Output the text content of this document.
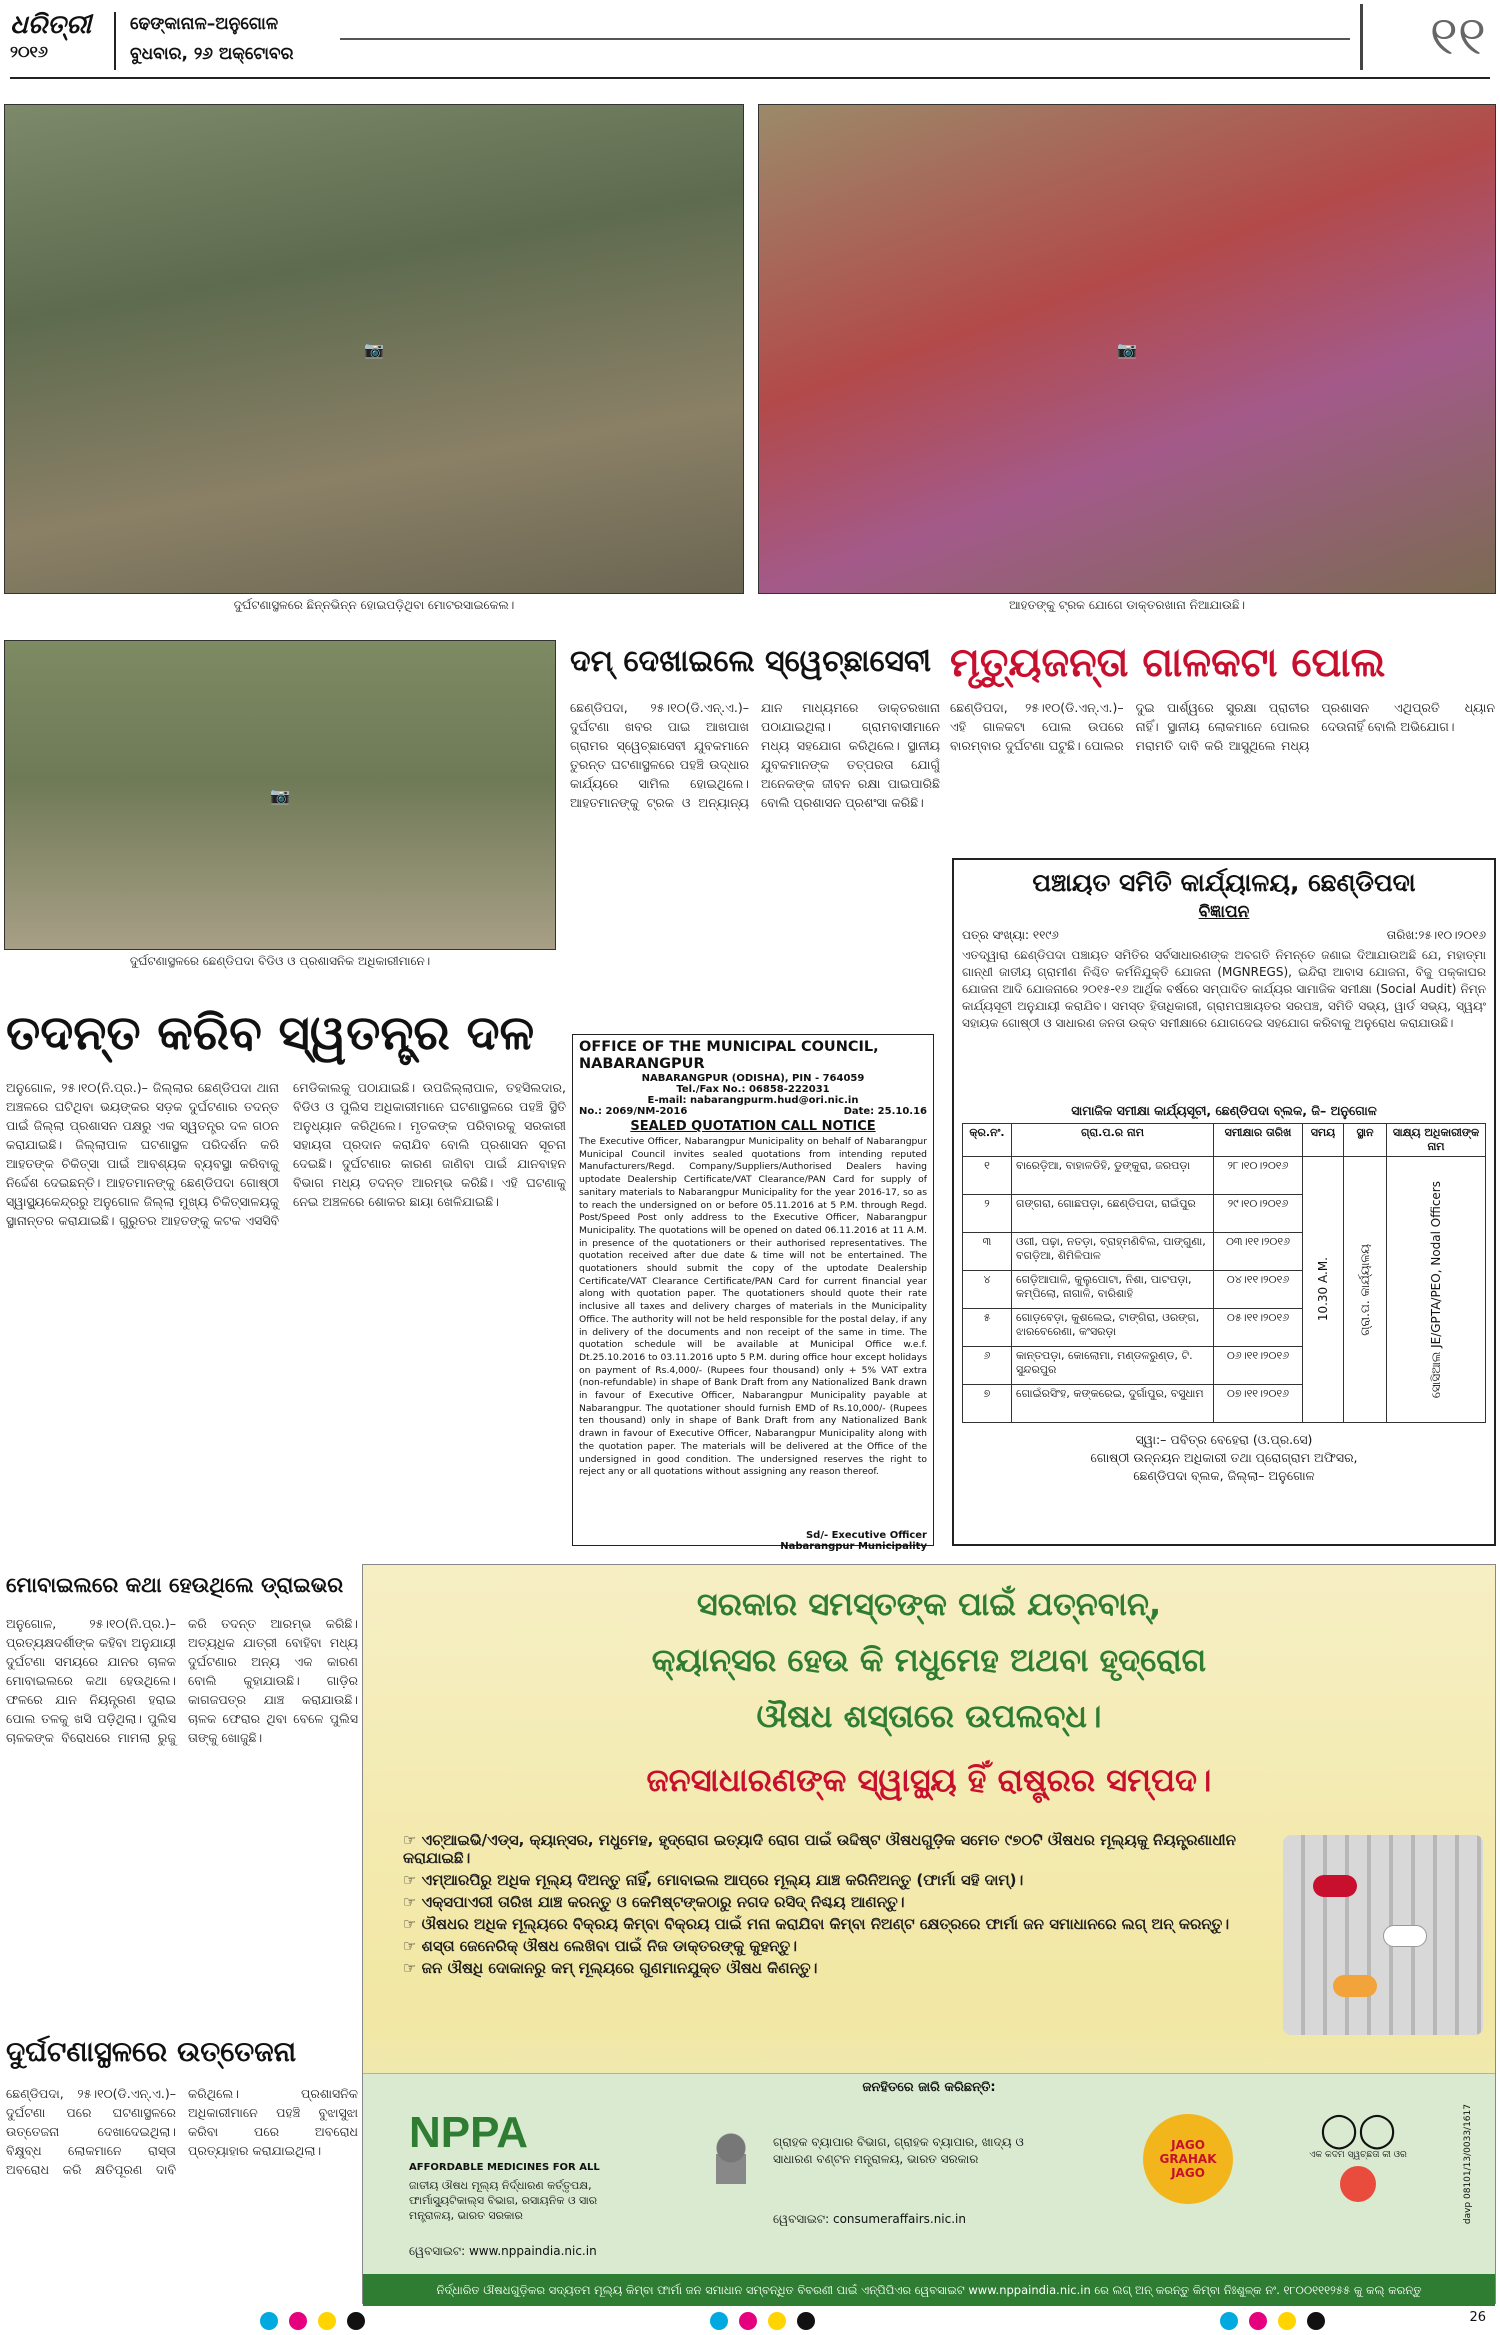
ଧରିତ୍ରୀ
୨୦୧୬
ଢେଙ୍କାନାଳ–ଅନୁଗୋଳ
ବୁଧବାର, ୨୬ ଅକ୍ଟୋବର	୧୧
📷
ଦୁର୍ଘଟଣାସ୍ଥଳରେ ଛିନ୍ନଭିନ୍ନ ହୋଇପଡ଼ିଥିବା ମୋଟରସାଇକେଲ।
📷
ଆହତଙ୍କୁ ଟ୍ରକ ଯୋଗେ ଡାକ୍ତରଖାନା ନିଆଯାଉଛି।
📷
ଦୁର୍ଘଟଣାସ୍ଥଳରେ ଛେଣ୍ଡିପଦା ବିଡିଓ ଓ ପ୍ରଶାସନିକ ଅଧିକାରୀମାନେ।
ଦମ୍ ଦେଖାଇଲେ ସ୍ୱେଚ୍ଛାସେବୀ
ଛେଣ୍ଡିପଦା, ୨୫।୧୦(ଡି.ଏନ୍.ଏ.)– ଦୁର୍ଘଟଣା ଖବର ପାଇ ଆଖପାଖ ଗ୍ରାମର ସ୍ୱେଚ୍ଛାସେବୀ ଯୁବକମାନେ ତୁରନ୍ତ ଘଟଣାସ୍ଥଳରେ ପହଞ୍ଚି ଉଦ୍ଧାର କାର୍ଯ୍ୟରେ ସାମିଲ ହୋଇଥିଲେ। ଆହତମାନଙ୍କୁ ଟ୍ରକ ଓ ଅନ୍ୟାନ୍ୟ ଯାନ ମାଧ୍ୟମରେ ଡାକ୍ତରଖାନା ପଠାଯାଇଥିଲା। ଗ୍ରାମବାସୀମାନେ ମଧ୍ୟ ସହଯୋଗ କରିଥିଲେ। ସ୍ଥାନୀୟ ଯୁବକମାନଙ୍କ ତତ୍ପରତା ଯୋଗୁଁ ଅନେକଙ୍କ ଜୀବନ ରକ୍ଷା ପାଇପାରିଛି ବୋଲି ପ୍ରଶାସନ ପ୍ରଶଂସା କରିଛି।
ମୃତ୍ୟୁଜନ୍ତା ଗାଳକଟା ପୋଲ
ଛେଣ୍ଡିପଦା, ୨୫।୧୦(ଡି.ଏନ୍.ଏ.)– ଏହି ଗାଳକଟା ପୋଲ ଉପରେ ବାରମ୍ବାର ଦୁର୍ଘଟଣା ଘଟୁଛି। ପୋଲର ଦୁଇ ପାର୍ଶ୍ୱରେ ସୁରକ୍ଷା ପ୍ରାଚୀର ନାହିଁ। ସ୍ଥାନୀୟ ଲୋକମାନେ ପୋଲର ମରାମତି ଦାବି କରି ଆସୁଥିଲେ ମଧ୍ୟ ପ୍ରଶାସନ ଏଥିପ୍ରତି ଧ୍ୟାନ ଦେଉନାହିଁ ବୋଲି ଅଭିଯୋଗ।
ପଞ୍ଚାୟତ ସମିତି କାର୍ଯ୍ୟାଳୟ, ଛେଣ୍ଡିପଦା
ବିଜ୍ଞାପନ
ପତ୍ର ସଂଖ୍ୟା: ୧୧୯୬	ତାରିଖ:୨୫।୧୦।୨୦୧୬
ଏତଦ୍ୱାରା ଛେଣ୍ଡିପଦା ପଞ୍ଚାୟତ ସମିତିର ସର୍ବସାଧାରଣଙ୍କ ଅବଗତି ନିମନ୍ତେ ଜଣାଇ ଦିଆଯାଉଅଛି ଯେ, ମହାତ୍ମା ଗାନ୍ଧୀ ଜାତୀୟ ଗ୍ରାମୀଣ ନିଶ୍ଚିତ କର୍ମନିଯୁକ୍ତି ଯୋଜନା (MGNREGS), ଇନ୍ଦିରା ଆବାସ ଯୋଜନା, ବିଜୁ ପକ୍କାଘର ଯୋଜନା ଆଦି ଯୋଜନାରେ ୨୦୧୫-୧୬ ଆର୍ଥିକ ବର୍ଷରେ ସମ୍ପାଦିତ କାର୍ଯ୍ୟର ସାମାଜିକ ସମୀକ୍ଷା (Social Audit) ନିମ୍ନ କାର୍ଯ୍ୟସୂଚୀ ଅନୁଯାୟୀ କରାଯିବ। ସମସ୍ତ ହିତାଧିକାରୀ, ଗ୍ରାମପଞ୍ଚାୟତର ସରପଞ୍ଚ, ସମିତି ସଭ୍ୟ, ୱାର୍ଡ ସଭ୍ୟ, ସ୍ୱୟଂ ସହାୟକ ଗୋଷ୍ଠୀ ଓ ସାଧାରଣ ଜନତା ଉକ୍ତ ସମୀକ୍ଷାରେ ଯୋଗଦେଇ ସହଯୋଗ କରିବାକୁ ଅନୁରୋଧ କରାଯାଉଛି।
ସାମାଜିକ ସମୀକ୍ଷା କାର୍ଯ୍ୟସୂଚୀ, ଛେଣ୍ଡିପଦା ବ୍ଲକ, ଜି– ଅନୁଗୋଳ
କ୍ର.ନଂ.	ଗ୍ରା.ପ.ର ନାମ	ସମୀକ୍ଷାର ତାରିଖ	ସମୟ	ସ୍ଥାନ	ସାକ୍ଷ୍ୟ ଅଧିକାରୀଙ୍କ ନାମ
୧	ବାରେଡ଼ିଆ, ବାହାଳଡିହି, ଡୁଙ୍କୁରା, ଜରପଡ଼ା	୨୮।୧୦।୨୦୧୬	10.30 A.M.	ଗ୍ରା.ପ. କାର୍ଯ୍ୟାଳୟ	ସୋସିଆଲ JE/GPTA/PEO, Nodal Officers

୨	ଗଙ୍ଗରା, ଗୋଛପଡ଼ା, ଛେଣ୍ଡିପଦା, ରାଇଁପୁର	୨୯।୧୦।୨୦୧୬			
୩	ଓଗୀ, ପଢ଼ା, ନତଡ଼ା, ବ୍ରାହ୍ମଣିବିଲ, ପାଙ୍ଗୁଣା, ବଗଡ଼ିଆ, ଶିମିଳିପାଳ	୦୩।୧୧।୨୦୧୬			
୪	ଗେଡ଼ିଆପାଳି, କୁଲୁପୋଟା, ନିଶା, ପାଟପଡ଼ା, କମ୍ପିଲୋ, ନାଗାଳି, ବାରିଶାହି	୦୪।୧୧।୨୦୧୬			
୫	ଗୋଡ଼ବେଡ଼ା, କୁଶଲେଇ, ଟାଙ୍ଗିରା, ଓରଙ୍ଗ, ଝାରବେରେଣା, କଂସରଡ଼ା	୦୫।୧୧।୨୦୧୬			
୬	କାନ୍ତପଡ଼ା, କୋଲୋମା, ମଣ୍ଡଳରୁଣ୍ଡ, ଟି. ସୁନ୍ଦରପୁର	୦୬।୧୧।୨୦୧୬			
୭	ଗୋଇଁରସିଂହ, କଙ୍କରେଇ, ଦୁର୍ଗାପୁର, ବସୁଧାମ	୦୭।୧୧।୨୦୧୬			
ସ୍ୱା:– ପବିତ୍ର ବେହେରା (ଓ.ପ୍ର.ସେ)
ଗୋଷ୍ଠୀ ଉନ୍ନୟନ ଅଧିକାରୀ ତଥା ପ୍ରୋଗ୍ରାମ ଅଫିସର,
ଛେଣ୍ଡିପଦା ବ୍ଲକ, ଜିଲ୍ଲା– ଅନୁଗୋଳ
ତଦନ୍ତ କରିବ ସ୍ୱତନ୍ତ୍ର ଦଳ
ଅନୁଗୋଳ, ୨୫।୧୦(ନି.ପ୍ର.)– ଜିଲ୍ଲାର ଛେଣ୍ଡିପଦା ଥାନା ଅଞ୍ଚଳରେ ଘଟିଥିବା ଭୟଙ୍କର ସଡ଼କ ଦୁର୍ଘଟଣାର ତଦନ୍ତ ପାଇଁ ଜିଲ୍ଲା ପ୍ରଶାସନ ପକ୍ଷରୁ ଏକ ସ୍ୱତନ୍ତ୍ର ଦଳ ଗଠନ କରାଯାଇଛି। ଜିଲ୍ଲାପାଳ ଘଟଣାସ୍ଥଳ ପରିଦର୍ଶନ କରି ଆହତଙ୍କ ଚିକିତ୍ସା ପାଇଁ ଆବଶ୍ୟକ ବ୍ୟବସ୍ଥା କରିବାକୁ ନିର୍ଦ୍ଦେଶ ଦେଇଛନ୍ତି। ଆହତମାନଙ୍କୁ ଛେଣ୍ଡିପଦା ଗୋଷ୍ଠୀ ସ୍ୱାସ୍ଥ୍ୟକେନ୍ଦ୍ରରୁ ଅନୁଗୋଳ ଜିଲ୍ଲା ମୁଖ୍ୟ ଚିକିତ୍ସାଳୟକୁ ସ୍ଥାନାନ୍ତର କରାଯାଇଛି। ଗୁରୁତର ଆହତଙ୍କୁ କଟକ ଏସସିବି ମେଡିକାଲକୁ ପଠାଯାଇଛି। ଉପଜିଲ୍ଲାପାଳ, ତହସିଲଦାର, ବିଡିଓ ଓ ପୁଲିସ ଅଧିକାରୀମାନେ ଘଟଣାସ୍ଥଳରେ ପହଞ୍ଚି ସ୍ଥିତି ଅନୁଧ୍ୟାନ କରିଥିଲେ। ମୃତକଙ୍କ ପରିବାରକୁ ସରକାରୀ ସହାୟତା ପ୍ରଦାନ କରାଯିବ ବୋଲି ପ୍ରଶାସନ ସୂଚନା ଦେଇଛି। ଦୁର୍ଘଟଣାର କାରଣ ଜାଣିବା ପାଇଁ ଯାନବାହନ ବିଭାଗ ମଧ୍ୟ ତଦନ୍ତ ଆରମ୍ଭ କରିଛି। ଏହି ଘଟଣାକୁ ନେଇ ଅଞ୍ଚଳରେ ଶୋକର ଛାୟା ଖେଳିଯାଇଛି।
OFFICE OF THE MUNICIPAL COUNCIL, NABARANGPUR
NABARANGPUR (ODISHA), PIN - 764059
Tel./Fax No.: 06858-222031
E-mail: nabarangpurm.hud@ori.nic.in
No.: 2069/NM-2016	Date: 25.10.16
SEALED QUOTATION CALL NOTICE
The Executive Officer, Nabarangpur Municipality on behalf of Nabarangpur Municipal Council invites sealed quotations from intending reputed Manufacturers/Regd. Company/Suppliers/Authorised Dealers having uptodate Dealership Certificate/VAT Clearance/PAN Card for supply of sanitary materials to Nabarangpur Municipality for the year 2016-17, so as to reach the undersigned on or before 05.11.2016 at 5 P.M. through Regd. Post/Speed Post only address to the Executive Officer, Nabarangpur Municipality. The quotations will be opened on dated 06.11.2016 at 11 A.M. in presence of the quotationers or their authorised representatives. The quotation received after due date & time will not be entertained. The quotationers should submit the copy of the uptodate Dealership Certificate/VAT Clearance Certificate/PAN Card for current financial year along with quotation paper. The quotationers should quote their rate inclusive all taxes and delivery charges of materials in the Municipality Office. The authority will not be held responsible for the postal delay, if any in delivery of the documents and non receipt of the same in time. The quotation schedule will be available at Municipal Office w.e.f. Dt.25.10.2016 to 03.11.2016 upto 5 P.M. during office hour except holidays on payment of Rs.4,000/- (Rupees four thousand) only + 5% VAT extra (non-refundable) in shape of Bank Draft from any Nationalized Bank drawn in favour of Executive Officer, Nabarangpur Municipality payable at Nabarangpur. The quotationer should furnish EMD of Rs.10,000/- (Rupees ten thousand) only in shape of Bank Draft from any Nationalized Bank drawn in favour of Executive Officer, Nabarangpur Municipality along with the quotation paper. The materials will be delivered at the Office of the undersigned in good condition. The undersigned reserves the right to reject any or all quotations without assigning any reason thereof.
Sd/- Executive Officer
Nabarangpur Municipality
ମୋବାଇଲରେ କଥା ହେଉଥିଲେ ଡ୍ରାଇଭର
ଅନୁଗୋଳ, ୨୫।୧୦(ନି.ପ୍ର.)– ପ୍ରତ୍ୟକ୍ଷଦର୍ଶୀଙ୍କ କହିବା ଅନୁଯାୟୀ ଦୁର୍ଘଟଣା ସମୟରେ ଯାନର ଚାଳକ ମୋବାଇଲରେ କଥା ହେଉଥିଲେ। ଫଳରେ ଯାନ ନିୟନ୍ତ୍ରଣ ହରାଇ ପୋଲ ତଳକୁ ଖସି ପଡ଼ିଥିଲା। ପୁଲିସ ଚାଳକଙ୍କ ବିରୋଧରେ ମାମଲା ରୁଜୁ କରି ତଦନ୍ତ ଆରମ୍ଭ କରିଛି। ଅତ୍ୟଧିକ ଯାତ୍ରୀ ବୋହିବା ମଧ୍ୟ ଦୁର୍ଘଟଣାର ଅନ୍ୟ ଏକ କାରଣ ବୋଲି କୁହାଯାଉଛି। ଗାଡ଼ିର କାଗଜପତ୍ର ଯାଞ୍ଚ କରାଯାଉଛି। ଚାଳକ ଫେରାର ଥିବା ବେଳେ ପୁଲିସ ତାଙ୍କୁ ଖୋଜୁଛି।
ଦୁର୍ଘଟଣାସ୍ଥଳରେ ଉତ୍ତେଜନା
ଛେଣ୍ଡିପଦା, ୨୫।୧୦(ଡି.ଏନ୍.ଏ.)– ଦୁର୍ଘଟଣା ପରେ ଘଟଣାସ୍ଥଳରେ ଉତ୍ତେଜନା ଦେଖାଦେଇଥିଲା। ବିକ୍ଷୁବ୍ଧ ଲୋକମାନେ ରାସ୍ତା ଅବରୋଧ କରି କ୍ଷତିପୂରଣ ଦାବି କରିଥିଲେ। ପ୍ରଶାସନିକ ଅଧିକାରୀମାନେ ପହଞ୍ଚି ବୁଝାସୁଝା କରିବା ପରେ ଅବରୋଧ ପ୍ରତ୍ୟାହାର କରାଯାଇଥିଲା।
ସରକାର ସମସ୍ତଙ୍କ ପାଇଁ ଯତ୍ନବାନ୍,
କ୍ୟାନ୍ସର ହେଉ କି ମଧୁମେହ ଅଥବା ହୃଦ୍‌ରୋଗ
ଔଷଧ ଶସ୍ତାରେ ଉପଲବ୍ଧ।
ଜନସାଧାରଣଙ୍କ ସ୍ୱାସ୍ଥ୍ୟ ହିଁ ରାଷ୍ଟ୍ରର ସମ୍ପଦ।
☞ ଏଚ୍‌ଆଇଭି/ଏଡ୍‌ସ, କ୍ୟାନ୍ସର, ମଧୁମେହ, ହୃଦ୍‌ରୋଗ ଇତ୍ୟାଦି ରୋଗ ପାଇଁ ଉଦ୍ଦିଷ୍ଟ ଔଷଧଗୁଡ଼ିକ ସମେତ ୯୭୦ଟି ଔଷଧର ମୂଲ୍ୟକୁ ନିୟନ୍ତ୍ରଣାଧୀନ କରାଯାଇଛି।
☞ ଏମ୍‌ଆରପିରୁ ଅଧିକ ମୂଲ୍ୟ ଦିଅନ୍ତୁ ନାହିଁ, ମୋବାଇଲ ଆପ୍‌ରେ ମୂଲ୍ୟ ଯାଞ୍ଚ କରିନିଅନ୍ତୁ (ଫାର୍ମା ସହି ଦାମ୍)।
☞ ଏକ୍ସପାଏରୀ ତାରିଖ ଯାଞ୍ଚ କରନ୍ତୁ ଓ କେମିଷ୍ଟଙ୍କଠାରୁ ନଗଦ ରସିଦ୍ ନିଶ୍ଚୟ ଆଣନ୍ତୁ।
☞ ଔଷଧର ଅଧିକ ମୂଲ୍ୟରେ ବିକ୍ରୟ କିମ୍ବା ବିକ୍ରୟ ପାଇଁ ମନା କରାଯିବା କିମ୍ବା ନିଅଣ୍ଟ କ୍ଷେତ୍ରରେ ଫାର୍ମା ଜନ ସମାଧାନରେ ଲଗ୍ ଅନ୍ କରନ୍ତୁ।
☞ ଶସ୍ତା ଜେନେରିକ୍ ଔଷଧ ଲେଖିବା ପାଇଁ ନିଜ ଡାକ୍ତରଙ୍କୁ କୁହନ୍ତୁ।
☞ ଜନ ଔଷଧି ଦୋକାନରୁ କମ୍ ମୂଲ୍ୟରେ ଗୁଣମାନଯୁକ୍ତ ଔଷଧ କିଣନ୍ତୁ।
ଜନହିତରେ ଜାରି କରିଛନ୍ତି:
NPPA
AFFORDABLE MEDICINES FOR ALL
ଜାତୀୟ ଔଷଧ ମୂଲ୍ୟ ନିର୍ଦ୍ଧାରଣ କର୍ତ୍ତୃପକ୍ଷ, ଫାର୍ମାସ୍ୟୁଟିକାଲ୍ସ ବିଭାଗ, ରସାୟନିକ ଓ ସାର ମନ୍ତ୍ରାଳୟ, ଭାରତ ସରକାର
ୱେବସାଇଟ: www.nppaindia.nic.in
ଗ୍ରାହକ ବ୍ୟାପାର ବିଭାଗ, ଗ୍ରାହକ ବ୍ୟାପାର, ଖାଦ୍ୟ ଓ ସାଧାରଣ ବଣ୍ଟନ ମନ୍ତ୍ରାଳୟ, ଭାରତ ସରକାର
ୱେବସାଇଟ: consumeraffairs.nic.in
JAGO GRAHAK JAGO
◯◯
ଏକ କଦମ ସ୍ୱଚ୍ଛତା କୀ ଓର	davp 08101/13/0033/1617
ନିର୍ଦ୍ଧାରିତ ଔଷଧଗୁଡ଼ିକର ସଦ୍ୟତମ ମୂଲ୍ୟ କିମ୍ବା ଫାର୍ମା ଜନ ସମାଧାନ ସମ୍ବନ୍ଧିତ ବିବରଣୀ ପାଇଁ ଏନ୍‌ପିପିଏର ୱେବସାଇଟ www.nppaindia.nic.in ରେ ଲଗ୍ ଅନ୍ କରନ୍ତୁ କିମ୍ବା ନିଃଶୁଳ୍କ ନଂ. ୧୮୦୦୧୧୧୨୫୫ କୁ କଲ୍ କରନ୍ତୁ

26
